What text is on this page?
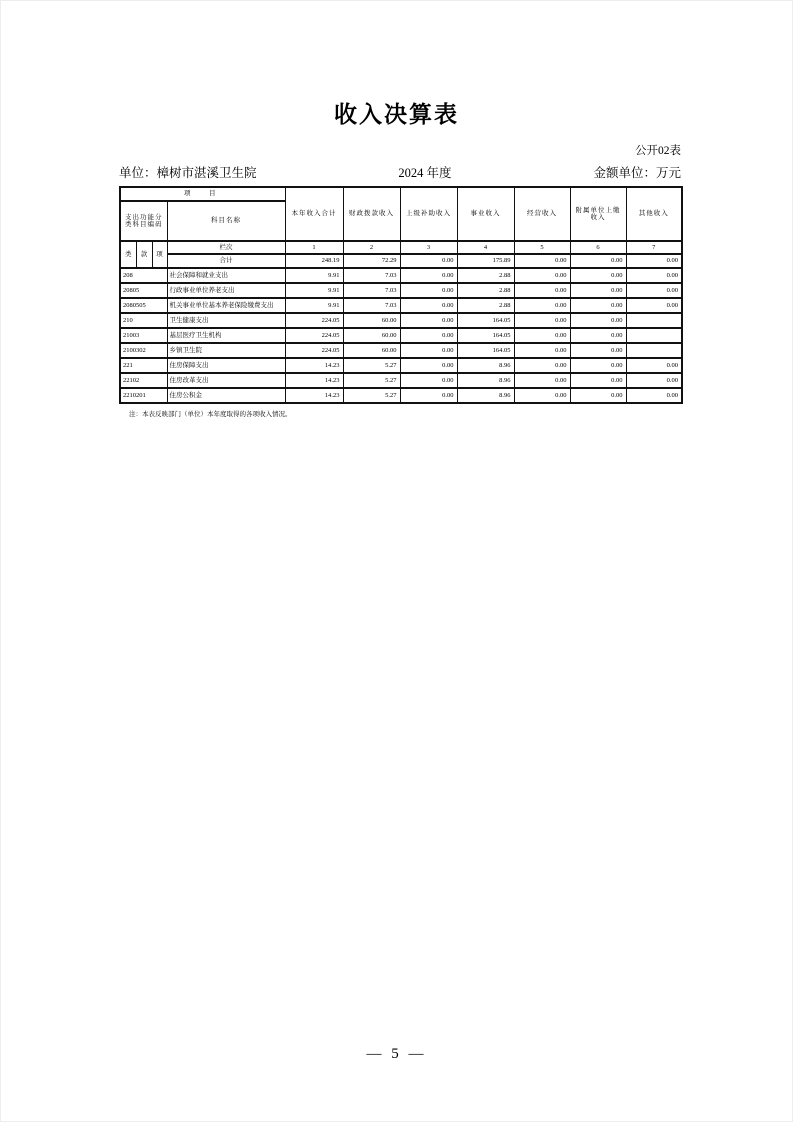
收入决算表
公开02表
单位：樟树市湛溪卫生院	2024 年度	金额单位：万元
项　目				本年收入合计	财政拨款收入	上级补助收入	事业收入	经营收入	附属单位上缴收入	其他收入
支出功能分类科目编码			科目名称							
类	款	项	栏次	1	2	3	4	5	6	7
			合计	248.19	72.29	0.00	175.89	0.00	0.00	0.00
208			社会保障和就业支出	9.91	7.03	0.00	2.88	0.00	0.00	0.00
20805			行政事业单位养老支出	9.91	7.03	0.00	2.88	0.00	0.00	0.00
2080505			机关事业单位基本养老保险缴费支出	9.91	7.03	0.00	2.88	0.00	0.00	0.00
210			卫生健康支出	224.05	60.00	0.00	164.05	0.00	0.00	
21003			基层医疗卫生机构	224.05	60.00	0.00	164.05	0.00	0.00	
2100302			乡镇卫生院	224.05	60.00	0.00	164.05	0.00	0.00	
221			住房保障支出	14.23	5.27	0.00	8.96	0.00	0.00	0.00
22102			住房改革支出	14.23	5.27	0.00	8.96	0.00	0.00	0.00
2210201			住房公积金	14.23	5.27	0.00	8.96	0.00	0.00	0.00
注：本表反映部门（单位）本年度取得的各项收入情况。
— 5 —
